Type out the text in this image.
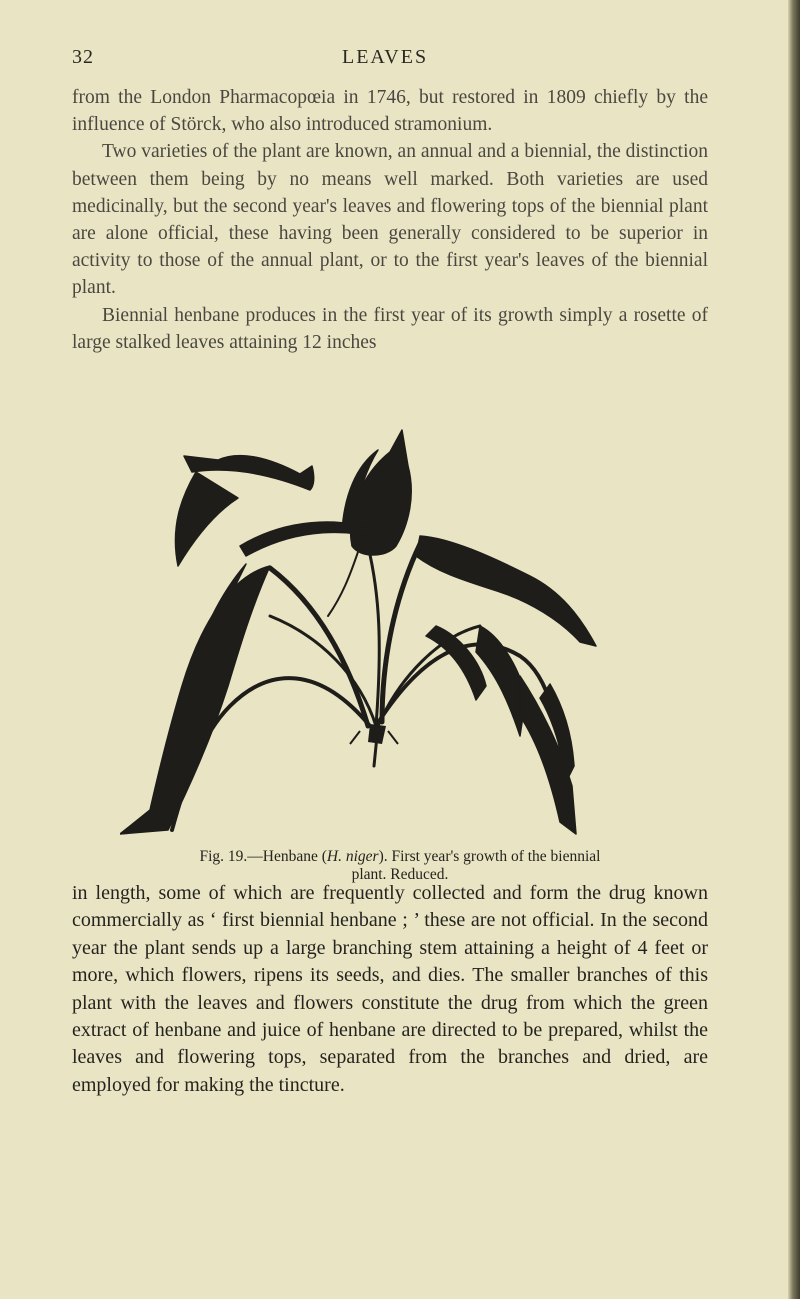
32	LEAVES

from the London Pharmacopœia in 1746, but restored in 1809 chiefly by the influence of Störck, who also introduced stramonium.

Two varieties of the plant are known, an annual and a biennial, the distinction between them being by no means well marked. Both varieties are used medicinally, but the second year's leaves and flowering tops of the biennial plant are alone official, these having been generally considered to be superior in activity to those of the annual plant, or to the first year's leaves of the biennial plant.

Biennial henbane produces in the first year of its growth simply a rosette of large stalked leaves attaining 12 inches

Fig. 19.—Henbane (H. niger). First year's growth of the biennial
plant. Reduced.

in length, some of which are frequently collected and form the drug known commercially as ‘ first biennial henbane ; ’ these are not official. In the second year the plant sends up a large branching stem attaining a height of 4 feet or more, which flowers, ripens its seeds, and dies. The smaller branches of this plant with the leaves and flowers constitute the drug from which the green extract of henbane and juice of henbane are directed to be prepared, whilst the leaves and flowering tops, separated from the branches and dried, are employed for making the tincture.
